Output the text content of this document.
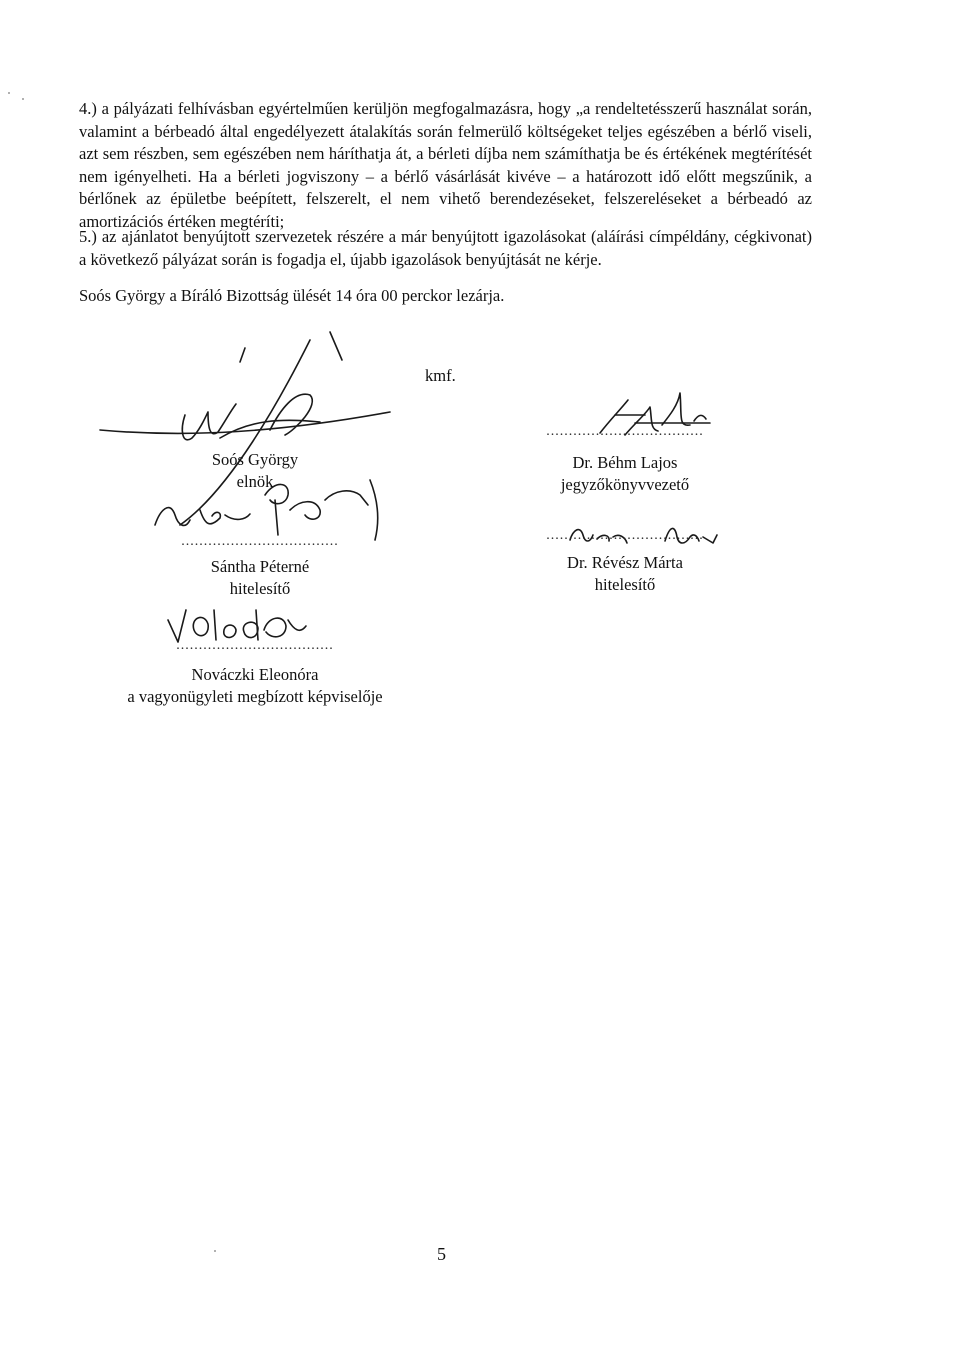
4.) a pályázati felhívásban egyértelműen kerüljön megfogalmazásra, hogy „a rendeltetésszerű használat során, valamint a bérbeadó által engedélyezett átalakítás során felmerülő költségeket teljes egészében a bérlő viseli, azt sem részben, sem egészében nem háríthatja át, a bérleti díjba nem számíthatja be és értékének megtérítését nem igényelheti. Ha a bérleti jogviszony – a bérlő vásárlását kivéve – a határozott idő előtt megszűnik, a bérlőnek az épületbe beépített, felszerelt, el nem vihető berendezéseket, felszereléseket a bérbeadó az amortizációs értéken megtéríti;
5.) az ajánlatot benyújtott szervezetek részére a már benyújtott igazolásokat (aláírási címpéldány, cégkivonat) a következő pályázat során is fogadja el, újabb igazolások benyújtását ne kérje.
Soós György a Bíráló Bizottság ülését 14 óra 00 perckor lezárja.
kmf.
Soós György
elnök
...................................
Dr. Béhm Lajos
jegyzőkönyvvezető
...................................
Sántha Péterné
hitelesítő
...................................
Dr. Révész Márta
hitelesítő
...................................
Nováczki Eleonóra
a vagyonügyleti megbízott képviselője
5
